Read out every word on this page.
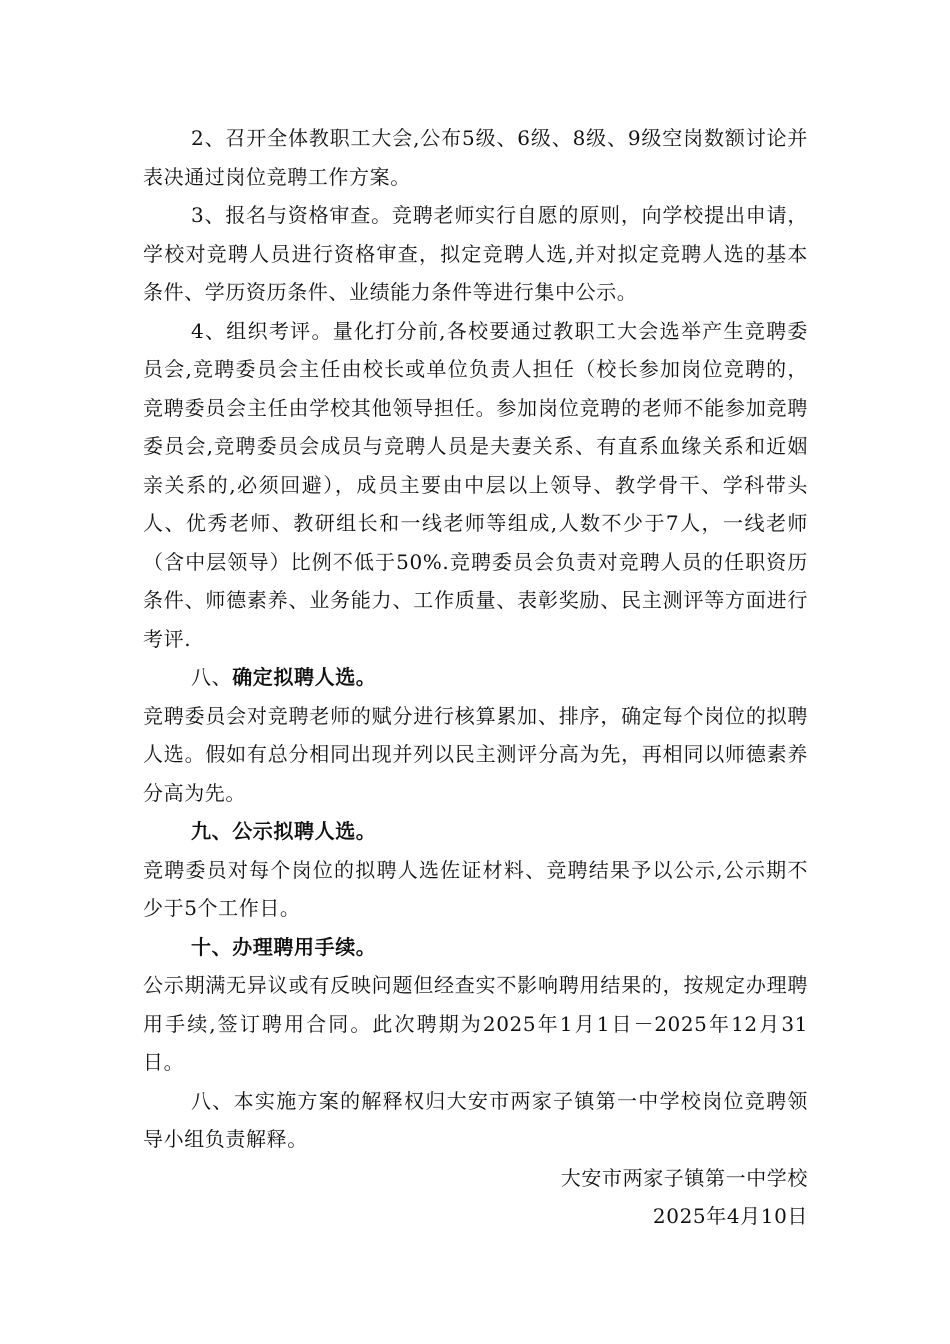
2、召开全体教职工大会,公布5级、6级、8级、9级空岗数额讨论并表决通过岗位竞聘工作方案。

3、报名与资格审查。竞聘老师实行自愿的原则，向学校提出申请，学校对竞聘人员进行资格审查，拟定竞聘人选,并对拟定竞聘人选的基本条件、学历资历条件、业绩能力条件等进行集中公示。

4、组织考评。量化打分前,各校要通过教职工大会选举产生竞聘委员会,竞聘委员会主任由校长或单位负责人担任（校长参加岗位竞聘的，竞聘委员会主任由学校其他领导担任。参加岗位竞聘的老师不能参加竞聘委员会,竞聘委员会成员与竞聘人员是夫妻关系、有直系血缘关系和近姻亲关系的,必须回避），成员主要由中层以上领导、教学骨干、学科带头人、优秀老师、教研组长和一线老师等组成,人数不少于7人，一线老师（含中层领导）比例不低于50%.竞聘委员会负责对竞聘人员的任职资历条件、师德素养、业务能力、工作质量、表彰奖励、民主测评等方面进行考评.

八、确定拟聘人选。

竞聘委员会对竞聘老师的赋分进行核算累加、排序，确定每个岗位的拟聘人选。假如有总分相同出现并列以民主测评分高为先，再相同以师德素养分高为先。

九、公示拟聘人选。

竞聘委员对每个岗位的拟聘人选佐证材料、竞聘结果予以公示,公示期不少于5个工作日。

十、办理聘用手续。

公示期满无异议或有反映问题但经查实不影响聘用结果的，按规定办理聘用手续,签订聘用合同。此次聘期为2025年1月1日－2025年12月31日。

八、本实施方案的解释权归大安市两家子镇第一中学校岗位竞聘领导小组负责解释。

大安市两家子镇第一中学校

2025年4月10日
